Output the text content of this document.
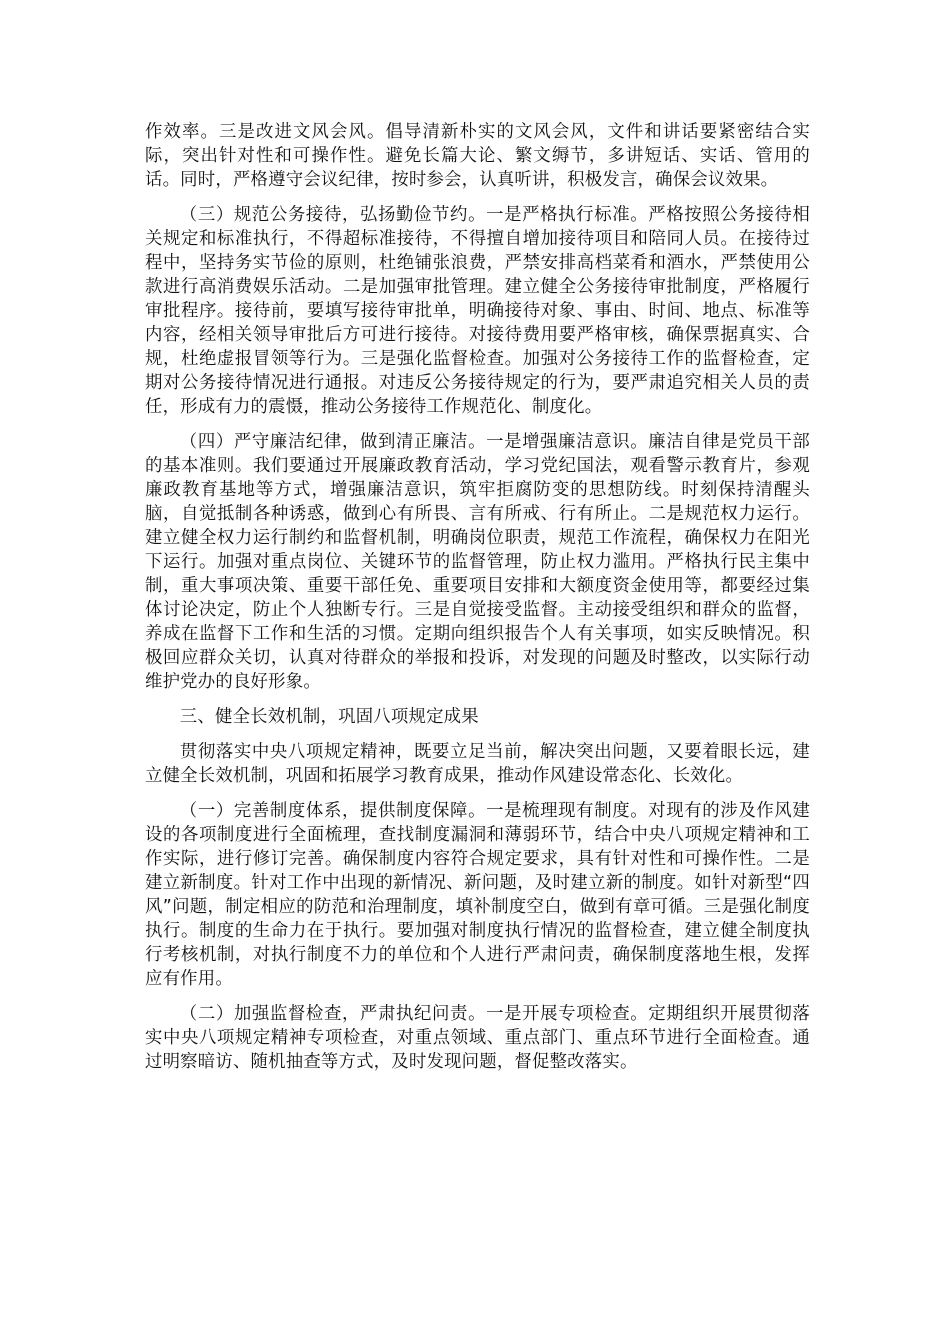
作效率。三是改进文风会风。倡导清新朴实的文风会风，文件和讲话要紧密结合实际，突出针对性和可操作性。避免长篇大论、繁文缛节，多讲短话、实话、管用的话。同时，严格遵守会议纪律，按时参会，认真听讲，积极发言，确保会议效果。

（三）规范公务接待，弘扬勤俭节约。一是严格执行标准。严格按照公务接待相关规定和标准执行，不得超标准接待，不得擅自增加接待项目和陪同人员。在接待过程中，坚持务实节俭的原则，杜绝铺张浪费，严禁安排高档菜肴和酒水，严禁使用公款进行高消费娱乐活动。二是加强审批管理。建立健全公务接待审批制度，严格履行审批程序。接待前，要填写接待审批单，明确接待对象、事由、时间、地点、标准等内容，经相关领导审批后方可进行接待。对接待费用要严格审核，确保票据真实、合规，杜绝虚报冒领等行为。三是强化监督检查。加强对公务接待工作的监督检查，定期对公务接待情况进行通报。对违反公务接待规定的行为，要严肃追究相关人员的责任，形成有力的震慑，推动公务接待工作规范化、制度化。

（四）严守廉洁纪律，做到清正廉洁。一是增强廉洁意识。廉洁自律是党员干部的基本准则。我们要通过开展廉政教育活动，学习党纪国法，观看警示教育片，参观廉政教育基地等方式，增强廉洁意识，筑牢拒腐防变的思想防线。时刻保持清醒头脑，自觉抵制各种诱惑，做到心有所畏、言有所戒、行有所止。二是规范权力运行。建立健全权力运行制约和监督机制，明确岗位职责，规范工作流程，确保权力在阳光下运行。加强对重点岗位、关键环节的监督管理，防止权力滥用。严格执行民主集中制，重大事项决策、重要干部任免、重要项目安排和大额度资金使用等，都要经过集体讨论决定，防止个人独断专行。三是自觉接受监督。主动接受组织和群众的监督，养成在监督下工作和生活的习惯。定期向组织报告个人有关事项，如实反映情况。积极回应群众关切，认真对待群众的举报和投诉，对发现的问题及时整改，以实际行动维护党办的良好形象。

三、健全长效机制，巩固八项规定成果

贯彻落实中央八项规定精神，既要立足当前，解决突出问题，又要着眼长远，建立健全长效机制，巩固和拓展学习教育成果，推动作风建设常态化、长效化。

（一）完善制度体系，提供制度保障。一是梳理现有制度。对现有的涉及作风建设的各项制度进行全面梳理，查找制度漏洞和薄弱环节，结合中央八项规定精神和工作实际，进行修订完善。确保制度内容符合规定要求，具有针对性和可操作性。二是建立新制度。针对工作中出现的新情况、新问题，及时建立新的制度。如针对新型“四风”问题，制定相应的防范和治理制度，填补制度空白，做到有章可循。三是强化制度执行。制度的生命力在于执行。要加强对制度执行情况的监督检查，建立健全制度执行考核机制，对执行制度不力的单位和个人进行严肃问责，确保制度落地生根，发挥应有作用。

（二）加强监督检查，严肃执纪问责。一是开展专项检查。定期组织开展贯彻落实中央八项规定精神专项检查，对重点领域、重点部门、重点环节进行全面检查。通过明察暗访、随机抽查等方式，及时发现问题，督促整改落实。
